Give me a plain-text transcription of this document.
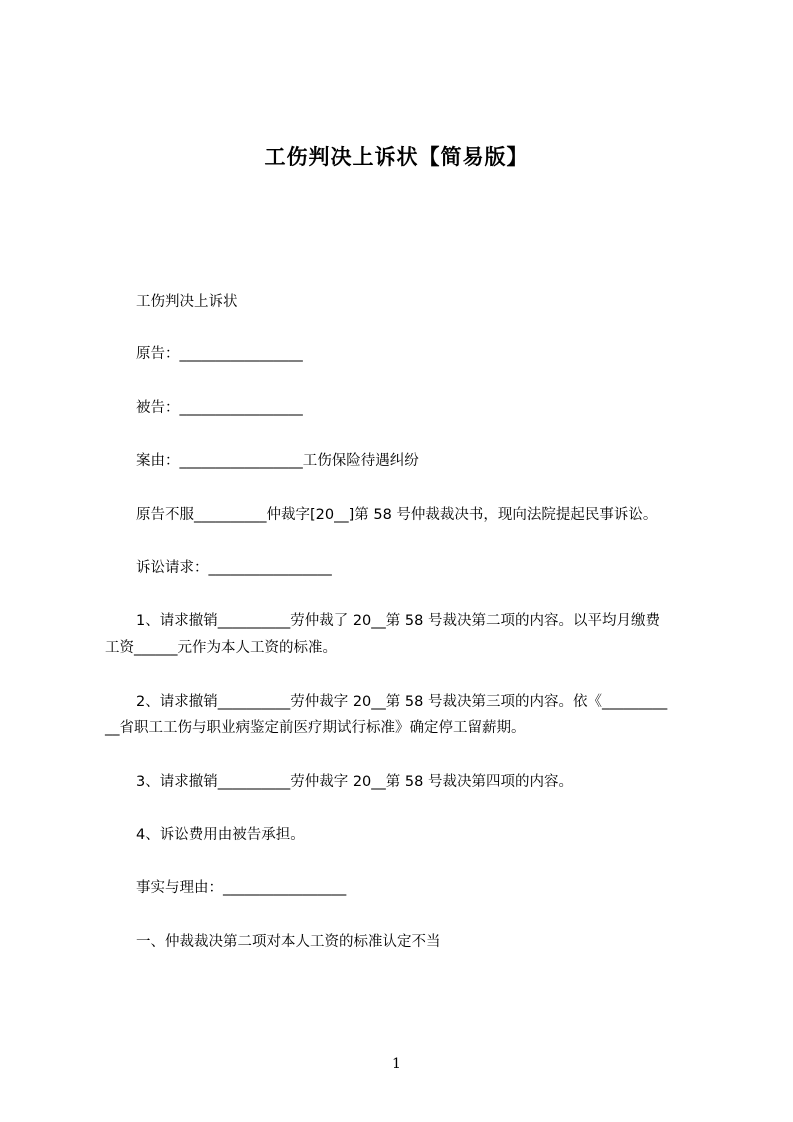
工伤判决上诉状【简易版】
工伤判决上诉状
原告：_________________
被告：_________________
案由：_________________工伤保险待遇纠纷
原告不服__________仲裁字[20__]第 58 号仲裁裁决书，现向法院提起民事诉讼。
诉讼请求：_________________
1、请求撤销__________劳仲裁了 20__第 58 号裁决第二项的内容。以平均月缴费
工资______元作为本人工资的标准。
2、请求撤销__________劳仲裁字 20__第 58 号裁决第三项的内容。依《_________
__省职工工伤与职业病鉴定前医疗期试行标准》确定停工留薪期。
3、请求撤销__________劳仲裁字 20__第 58 号裁决第四项的内容。
4、诉讼费用由被告承担。
事实与理由：_________________
一、仲裁裁决第二项对本人工资的标准认定不当
1
